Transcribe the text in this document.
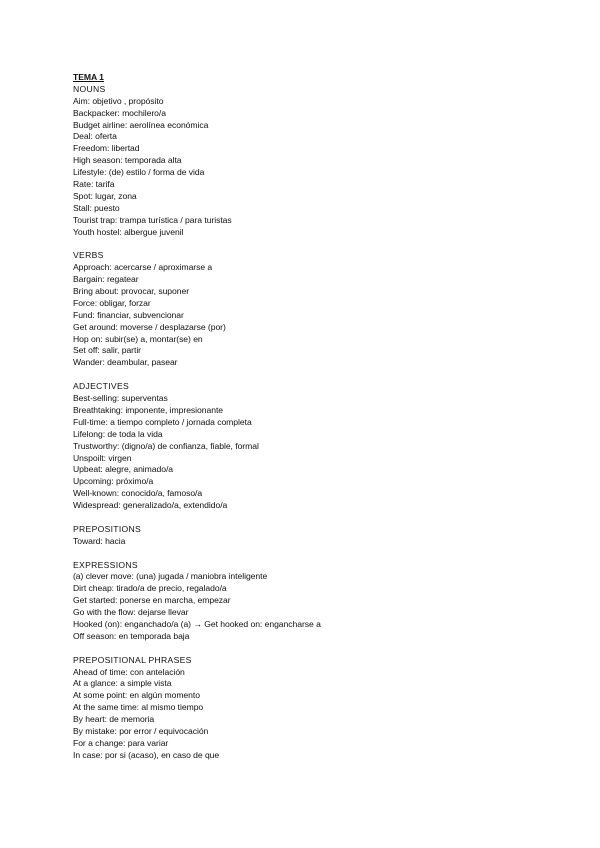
TEMA 1
NOUNS
Aim: objetivo , propósito
Backpacker: mochilero/a
Budget airline: aerolínea económica
Deal: oferta
Freedom: libertad
High season: temporada alta
Lifestyle: (de) estilo / forma de vida
Rate: tarifa
Spot: lugar, zona
Stall: puesto
Tourist trap: trampa turística / para turistas
Youth hostel: albergue juvenil
VERBS
Approach: acercarse / aproximarse a
Bargain: regatear
Bring about: provocar, suponer
Force: obligar, forzar
Fund: financiar, subvencionar
Get around: moverse / desplazarse (por)
Hop on: subir(se) a, montar(se) en
Set off: salir, partir
Wander: deambular, pasear
ADJECTIVES
Best-selling: superventas
Breathtaking: imponente, impresionante
Full-time: a tiempo completo / jornada completa
Lifelong: de toda la vida
Trustworthy: (digno/a) de confianza, fiable, formal
Unspoilt: virgen
Upbeat: alegre, animado/a
Upcoming: próximo/a
Well-known: conocido/a, famoso/a
Widespread: generalizado/a, extendido/a
PREPOSITIONS
Toward: hacia
EXPRESSIONS
(a) clever move: (una) jugada / maniobra inteligente
Dirt cheap: tirado/a de precio, regalado/a
Get started: ponerse en marcha, empezar
Go with the flow: dejarse llevar
Hooked (on): enganchado/a (a) → Get hooked on: engancharse a
Off season: en temporada baja
PREPOSITIONAL PHRASES
Ahead of time: con antelación
At a glance: a simple vista
At some point: en algún momento
At the same time: al mismo tiempo
By heart: de memoria
By mistake: por error / equivocación
For a change: para variar
In case: por si (acaso), en caso de que
